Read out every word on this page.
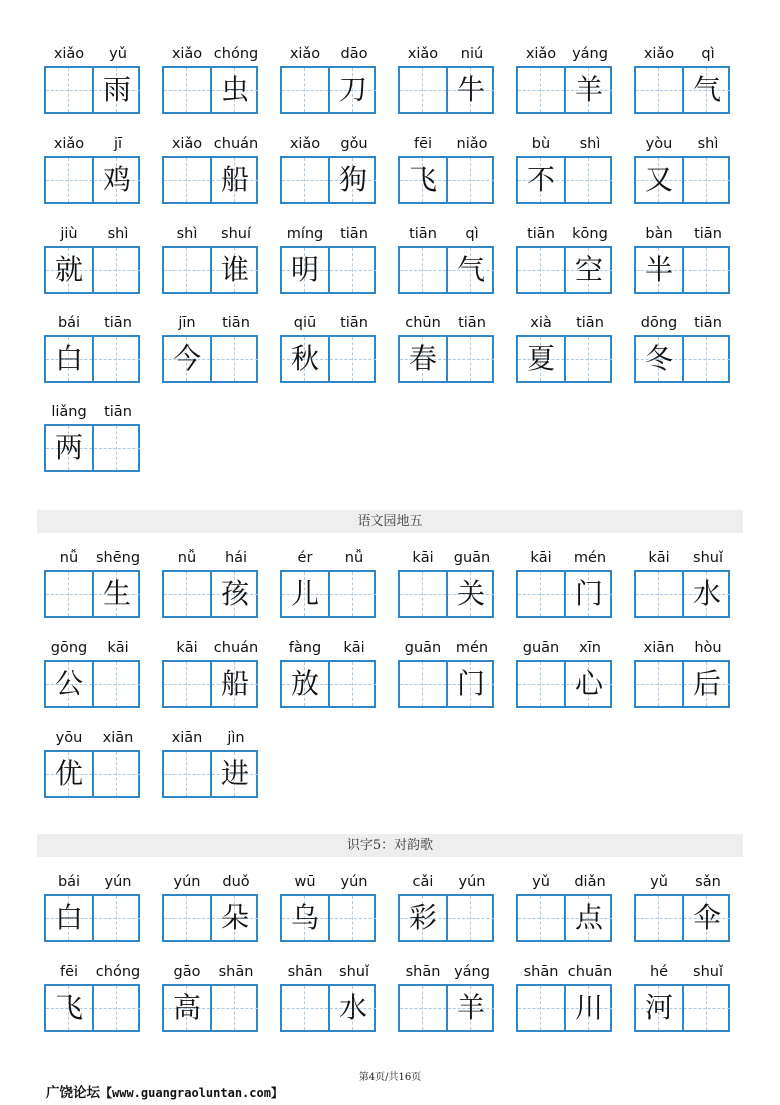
语文园地五
识字5：对韵歌
第4页/共16页
广饶论坛【www.guangraoluntan.com】
xiǎo	yǔ
雨
xiǎo chóng
虫
xiǎo	dāo
刀
xiǎo	niú
牛
xiǎo	yáng
羊
xiǎo	qì
气
xiǎo	jī
鸡
xiǎo chuán
船
xiǎo	gǒu
狗
fēi	niǎo
飞
bù	shì
不
yòu	shì
又
jiù	shì
就
shì	shuí
谁
míng	tiān
明
tiān	qì
气
tiān	kōng
空
bàn	tiān
半
bái	tiān
白
jīn	tiān
今
qiū	tiān
秋
chūn	tiān
春
xià	tiān
夏
dōng	tiān
冬
liǎng	tiān
两
nǚ	shēng
生
nǚ	hái
孩
ér	nǚ
儿
kāi	guān
关
kāi	mén
门
kāi	shuǐ
水
gōng	kāi
公
kāi	chuán
船
fàng	kāi
放
guān	mén
门
guān	xīn
心
xiān	hòu
后
yōu	xiān
优
xiān	jìn
进
bái	yún
白
yún	duǒ
朵
wū	yún
乌
cǎi	yún
彩
yǔ	diǎn
点
yǔ	sǎn
伞
fēi	chóng
飞
gāo	shān
高
shān	shuǐ
水
shān yáng
羊
shān chuān
川
hé	shuǐ
河
